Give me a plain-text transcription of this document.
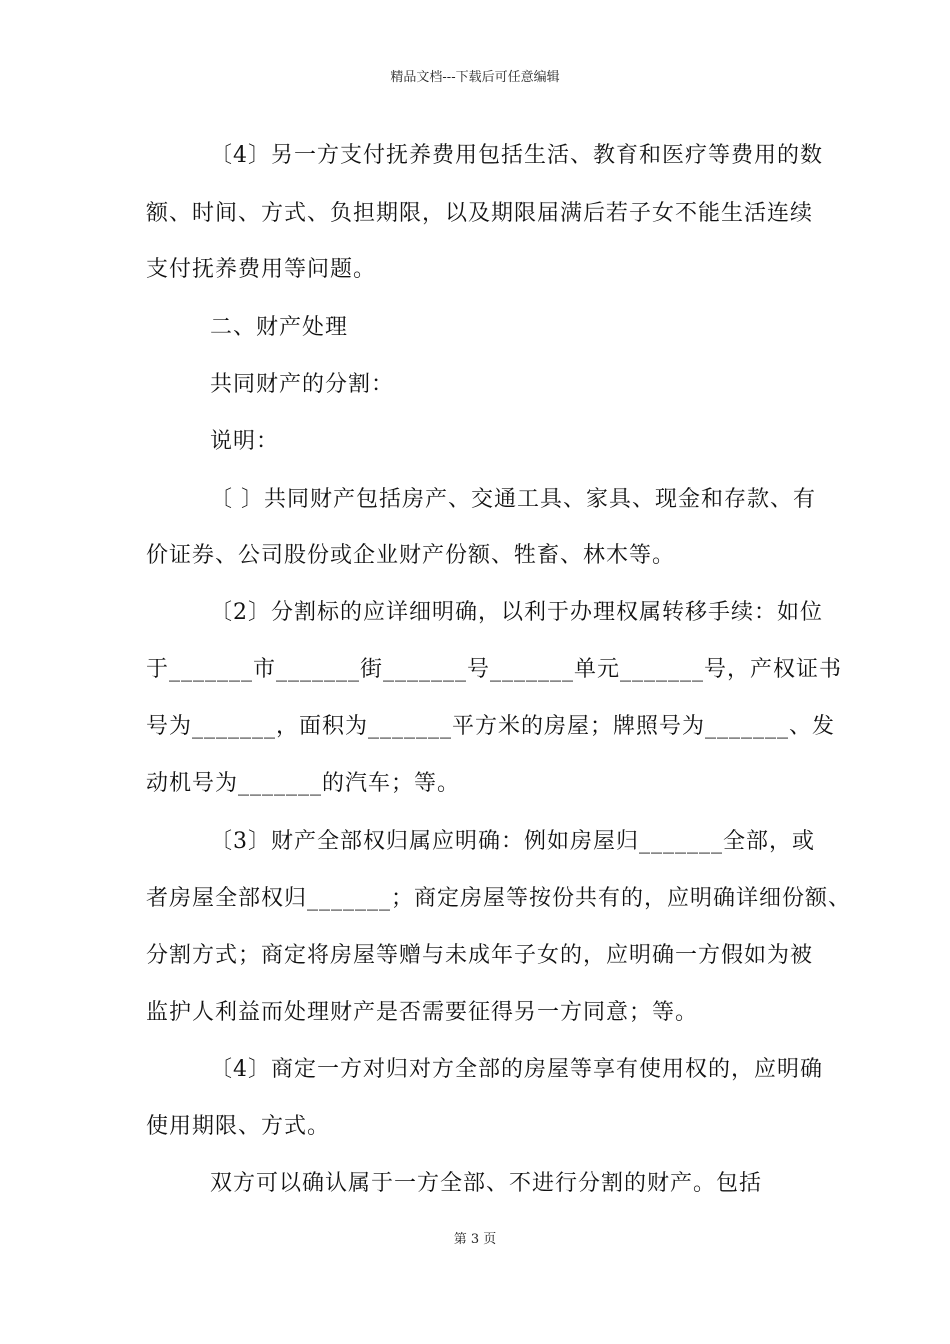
精品文档---下载后可任意编辑
〔4〕另一方支付抚养费用包括生活、教育和医疗等费用的数
额、时间、方式、负担期限，以及期限届满后若子女不能生活连续
支付抚养费用等问题。
二、财产处理
共同财产的分割：
说明：
〔 〕共同财产包括房产、交通工具、家具、现金和存款、有
价证券、公司股份或企业财产份额、牲畜、林木等。
〔2〕分割标的应详细明确，以利于办理权属转移手续：如位
于_______市_______街_______号_______单元_______号，产权证书
号为_______，面积为_______平方米的房屋；牌照号为_______、发
动机号为_______的汽车；等。
〔3〕财产全部权归属应明确：例如房屋归_______全部，或
者房屋全部权归_______；商定房屋等按份共有的，应明确详细份额、
分割方式；商定将房屋等赠与未成年子女的，应明确一方假如为被
监护人利益而处理财产是否需要征得另一方同意；等。
〔4〕商定一方对归对方全部的房屋等享有使用权的，应明确
使用期限、方式。
双方可以确认属于一方全部、不进行分割的财产。包括
第 3 页
